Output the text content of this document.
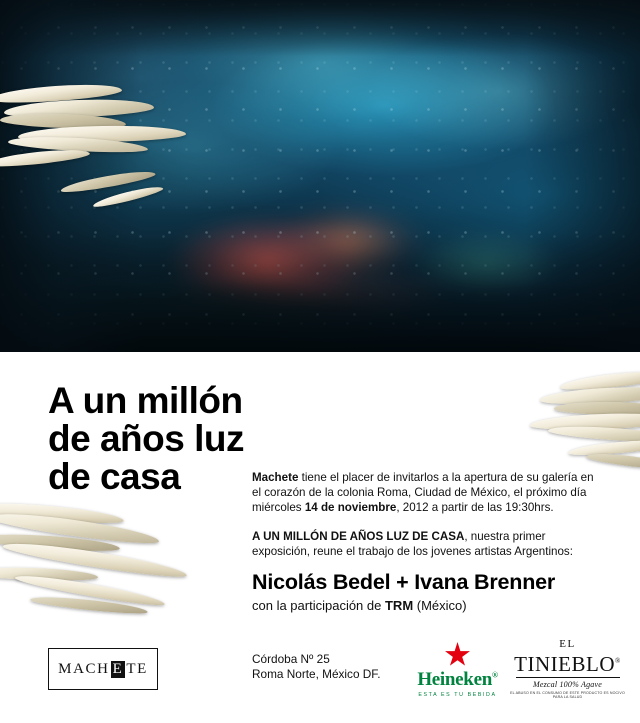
A un millón
de años luz
de casa	Machete tiene el placer de invitarlos a la apertura de su galería en el corazón de la colonia Roma, Ciudad de México, el próximo día miércoles 14 de noviembre, 2012 a partir de las 19:30hrs.

A UN MILLÓN DE AÑOS LUZ DE CASA, nuestra primer exposición, reune el trabajo de los jovenes artistas Argentinos:

Nicolás Bedel + Ivana Brenner
con la participación de TRM (México)
MACH E TE
Córdoba Nº 25
Roma Norte, México DF.	Heineken®
ESTA ES TU BEBIDA
EL
TINIEBLO®
Mezcal 100% Agave
EL ABUSO EN EL CONSUMO DE ESTE PRODUCTO ES NOCIVO PARA LA SALUD
